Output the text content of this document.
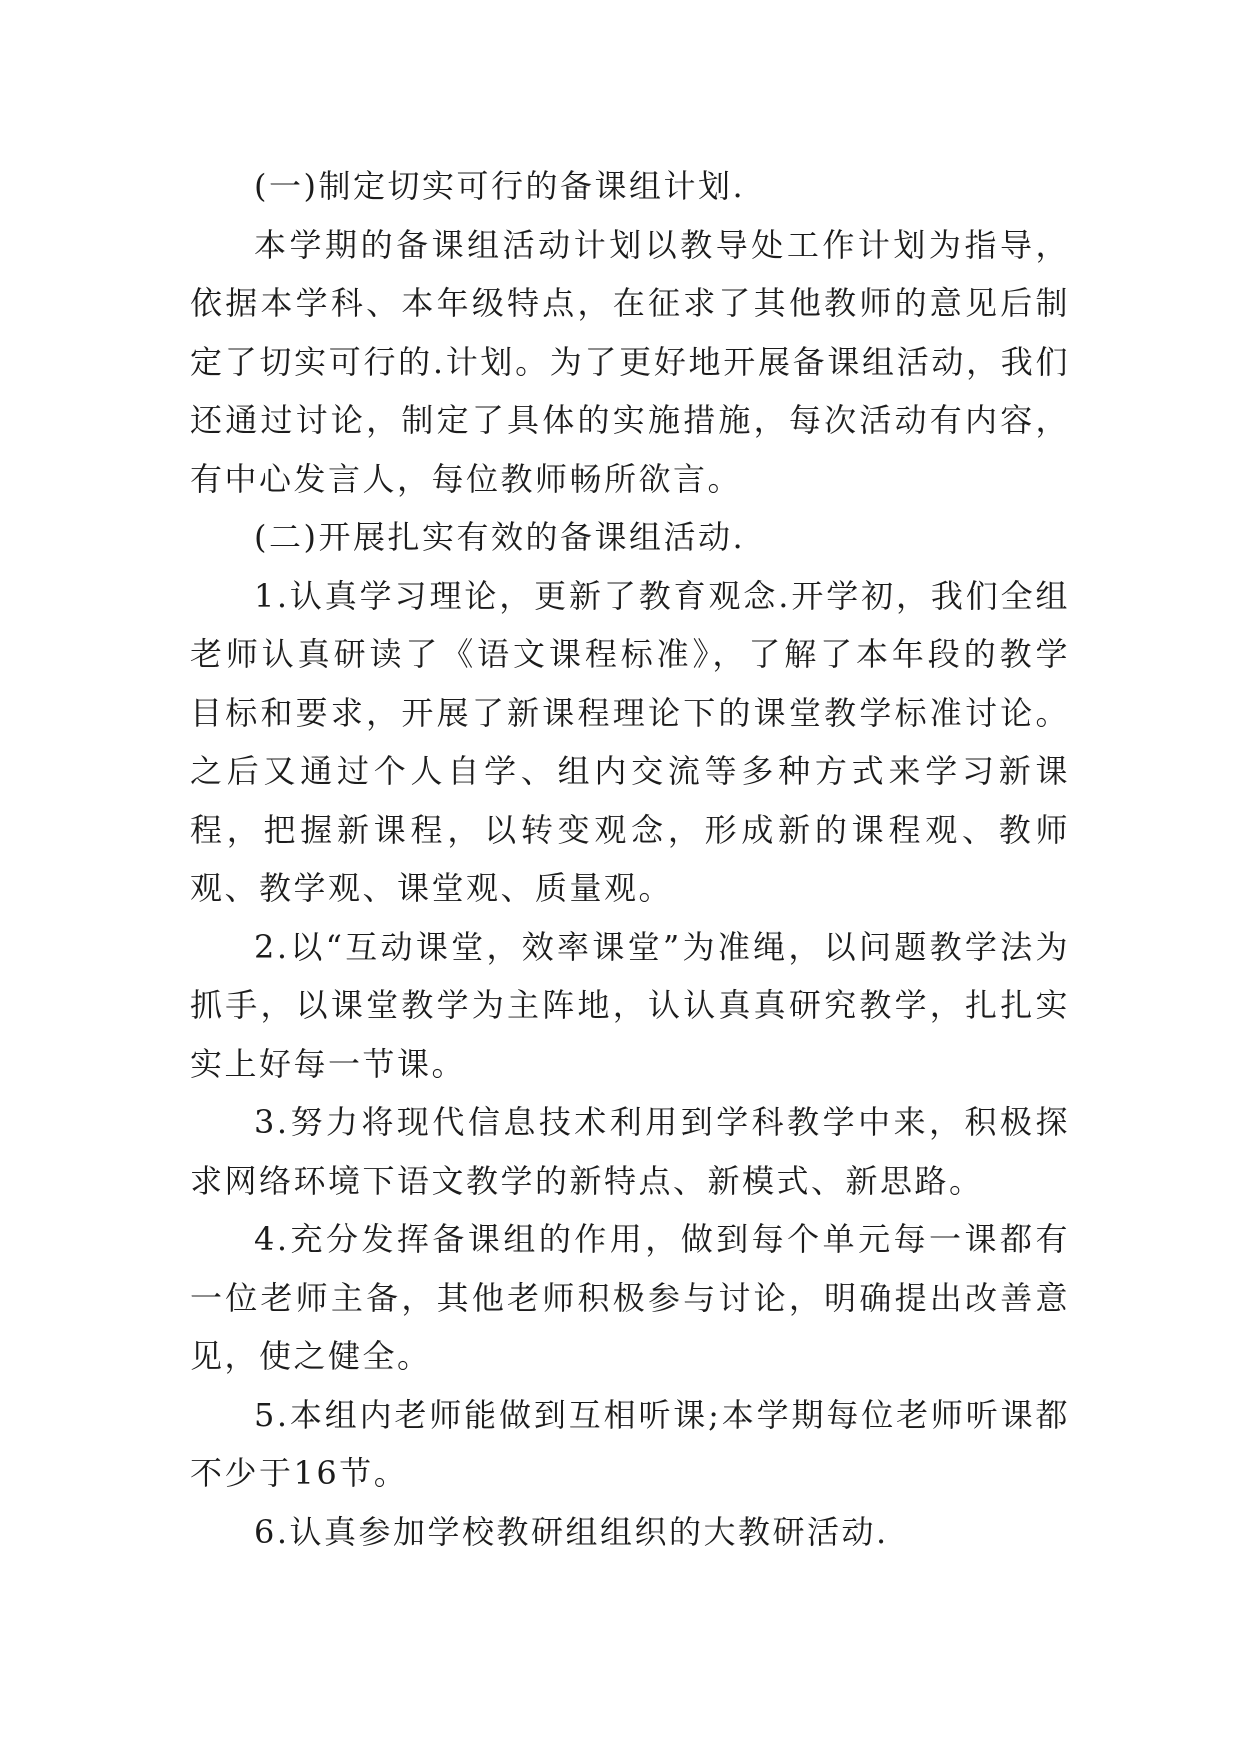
(一)制定切实可行的备课组计划.

本学期的备课组活动计划以教导处工作计划为指导，依据本学科、本年级特点，在征求了其他教师的意见后制定了切实可行的.计划。为了更好地开展备课组活动，我们还通过讨论，制定了具体的实施措施，每次活动有内容，有中心发言人，每位教师畅所欲言。

(二)开展扎实有效的备课组活动.

1.认真学习理论，更新了教育观念.开学初，我们全组老师认真研读了《语文课程标准》，了解了本年段的教学目标和要求，开展了新课程理论下的课堂教学标准讨论。之后又通过个人自学、组内交流等多种方式来学习新课程，把握新课程，以转变观念，形成新的课程观、教师观、教学观、课堂观、质量观。

2.以“互动课堂，效率课堂”为准绳，以问题教学法为抓手，以课堂教学为主阵地，认认真真研究教学，扎扎实实上好每一节课。

3.努力将现代信息技术利用到学科教学中来，积极探求网络环境下语文教学的新特点、新模式、新思路。

4.充分发挥备课组的作用，做到每个单元每一课都有一位老师主备，其他老师积极参与讨论，明确提出改善意见，使之健全。

5.本组内老师能做到互相听课;本学期每位老师听课都不少于16节。

6.认真参加学校教研组组织的大教研活动.
